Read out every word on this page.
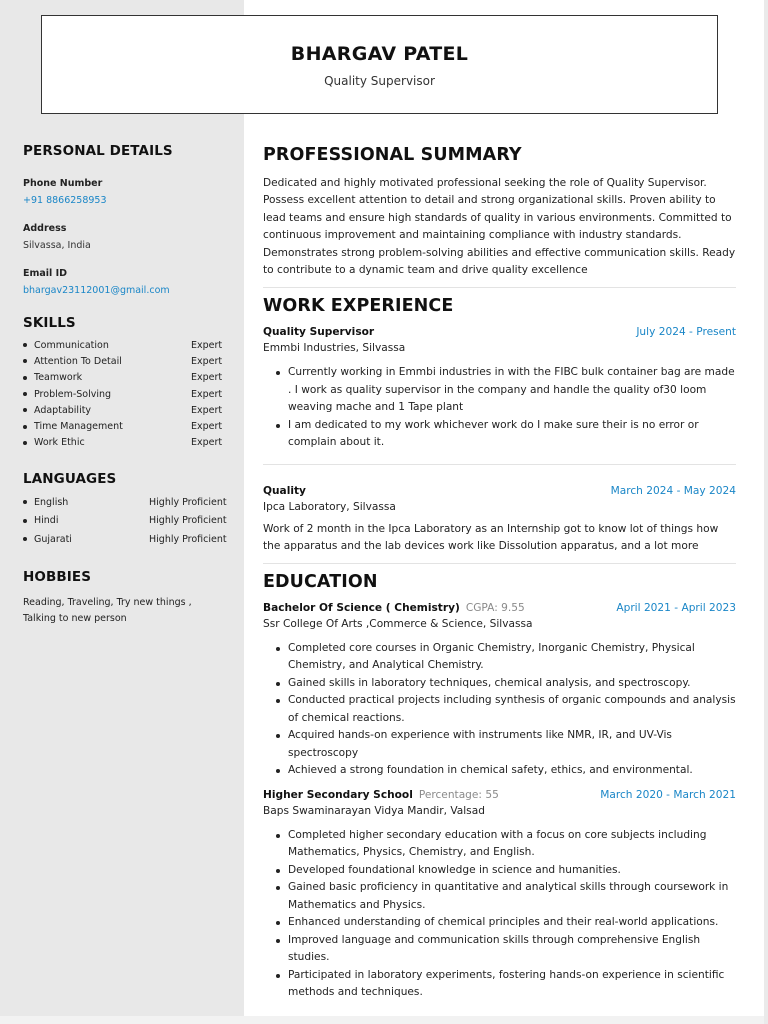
BHARGAV PATEL
Quality Supervisor
PERSONAL DETAILS
Phone Number
+91 8866258953
Address
Silvassa, India
Email ID
bhargav23112001@gmail.com
SKILLS
Communication	Expert
Attention To Detail	Expert
Teamwork	Expert
Problem-Solving	Expert
Adaptability	Expert
Time Management	Expert
Work Ethic	Expert
LANGUAGES
English	Highly Proficient
Hindi	Highly Proficient
Gujarati	Highly Proficient
HOBBIES
Reading, Traveling, Try new things ,
Talking to new person
PROFESSIONAL SUMMARY
Dedicated and highly motivated professional seeking the role of Quality Supervisor. Possess excellent attention to detail and strong organizational skills. Proven ability to lead teams and ensure high standards of quality in various environments. Committed to continuous improvement and maintaining compliance with industry standards. Demonstrates strong problem-solving abilities and effective communication skills. Ready to contribute to a dynamic team and drive quality excellence
WORK EXPERIENCE
Quality Supervisor	July 2024 - Present
Emmbi Industries, Silvassa
Currently working in Emmbi industries in with the FIBC bulk container bag are made . I work as quality supervisor in the company and handle the quality of30 loom weaving mache and 1 Tape plant
I am dedicated to my work whichever work do I make sure their is no error or complain about it.
Quality	March 2024 - May 2024
Ipca Laboratory, Silvassa
Work of 2 month in the Ipca Laboratory as an Internship got to know lot of things how the apparatus and the lab devices work like Dissolution apparatus, and a lot more
EDUCATION
Bachelor Of Science ( Chemistry) CGPA: 9.55	April 2021 - April 2023
Ssr College Of Arts ,Commerce & Science, Silvassa
Completed core courses in Organic Chemistry, Inorganic Chemistry, Physical Chemistry, and Analytical Chemistry.
Gained skills in laboratory techniques, chemical analysis, and spectroscopy.
Conducted practical projects including synthesis of organic compounds and analysis of chemical reactions.
Acquired hands-on experience with instruments like NMR, IR, and UV-Vis spectroscopy
Achieved a strong foundation in chemical safety, ethics, and environmental.
Higher Secondary School Percentage: 55	March 2020 - March 2021
Baps Swaminarayan Vidya Mandir, Valsad
Completed higher secondary education with a focus on core subjects including Mathematics, Physics, Chemistry, and English.
Developed foundational knowledge in science and humanities.
Gained basic proficiency in quantitative and analytical skills through coursework in Mathematics and Physics.
Enhanced understanding of chemical principles and their real-world applications.
Improved language and communication skills through comprehensive English studies.
Participated in laboratory experiments, fostering hands-on experience in scientific methods and techniques.
